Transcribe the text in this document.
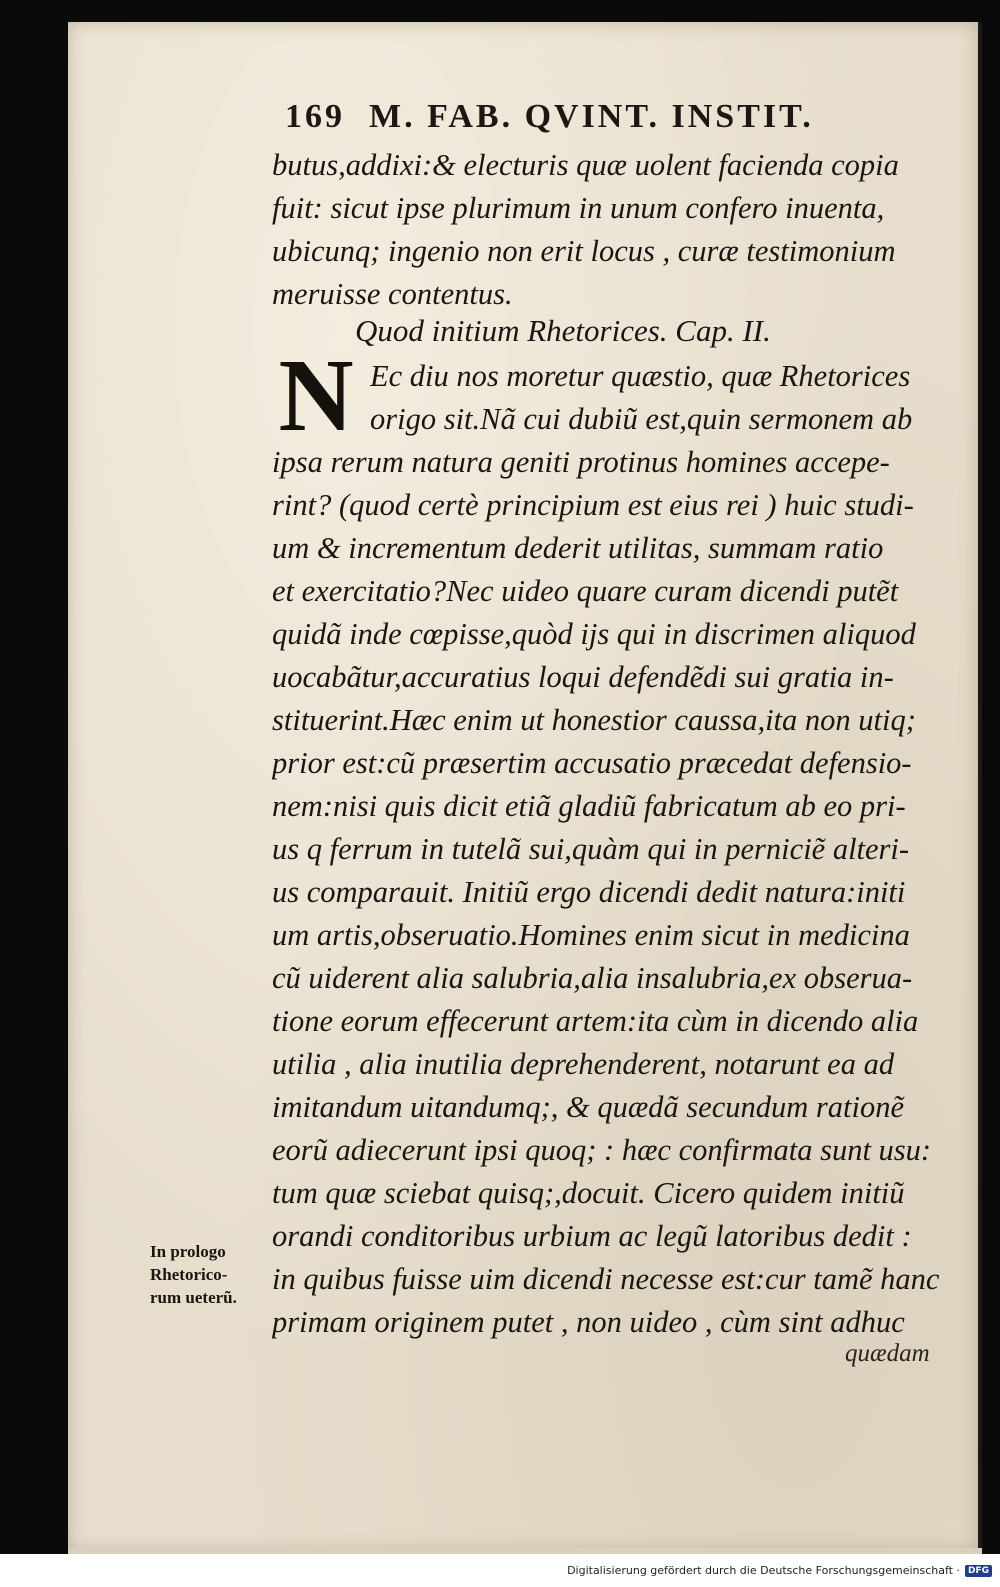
169 M. FAB. QVINT. INSTIT.
butus,addixi:& electuris quæ uolent facienda copia
fuit: sicut ipse plurimum in unum confero inuenta,
ubicunq; ingenio non erit locus , curæ testimonium
meruisse contentus.
Quod initium Rhetorices. Cap. II.
N Ec diu nos moretur quæstio, quæ Rhetorices
origo sit.Nã cui dubiũ est,quin sermonem ab
ipsa rerum natura geniti protinus homines accepe-
rint? (quod certè principium est eius rei ) huic studi-
um & incrementum dederit utilitas, summam ratio
et exercitatio?Nec uideo quare curam dicendi putẽt
quidã inde cœpisse,quòd ijs qui in discrimen aliquod
uocabãtur,accuratius loqui defendẽdi sui gratia in-
stituerint.Hæc enim ut honestior caussa,ita non utiq;
prior est:cũ præsertim accusatio præcedat defensio-
nem:nisi quis dicit etiã gladiũ fabricatum ab eo pri-
us q ferrum in tutelã sui,quàm qui in perniciẽ alteri-
us comparauit. Initiũ ergo dicendi dedit natura:initi
um artis,obseruatio.Homines enim sicut in medicina
cũ uiderent alia salubria,alia insalubria,ex obserua-
tione eorum effecerunt artem:ita cùm in dicendo alia
utilia , alia inutilia deprehenderent, notarunt ea ad
imitandum uitandumq;, & quædã secundum rationẽ
eorũ adiecerunt ipsi quoq; : hæc confirmata sunt usu:
tum quæ sciebat quisq;,docuit. Cicero quidem initiũ
orandi conditoribus urbium ac legũ latoribus dedit :
in quibus fuisse uim dicendi necesse est:cur tamẽ hanc
primam originem putet , non uideo , cùm sint adhuc
In prologo
Rhetorico-
rum ueterũ.
quædam
Digitalisierung gefördert durch die Deutsche Forschungsgemeinschaft · DFG
